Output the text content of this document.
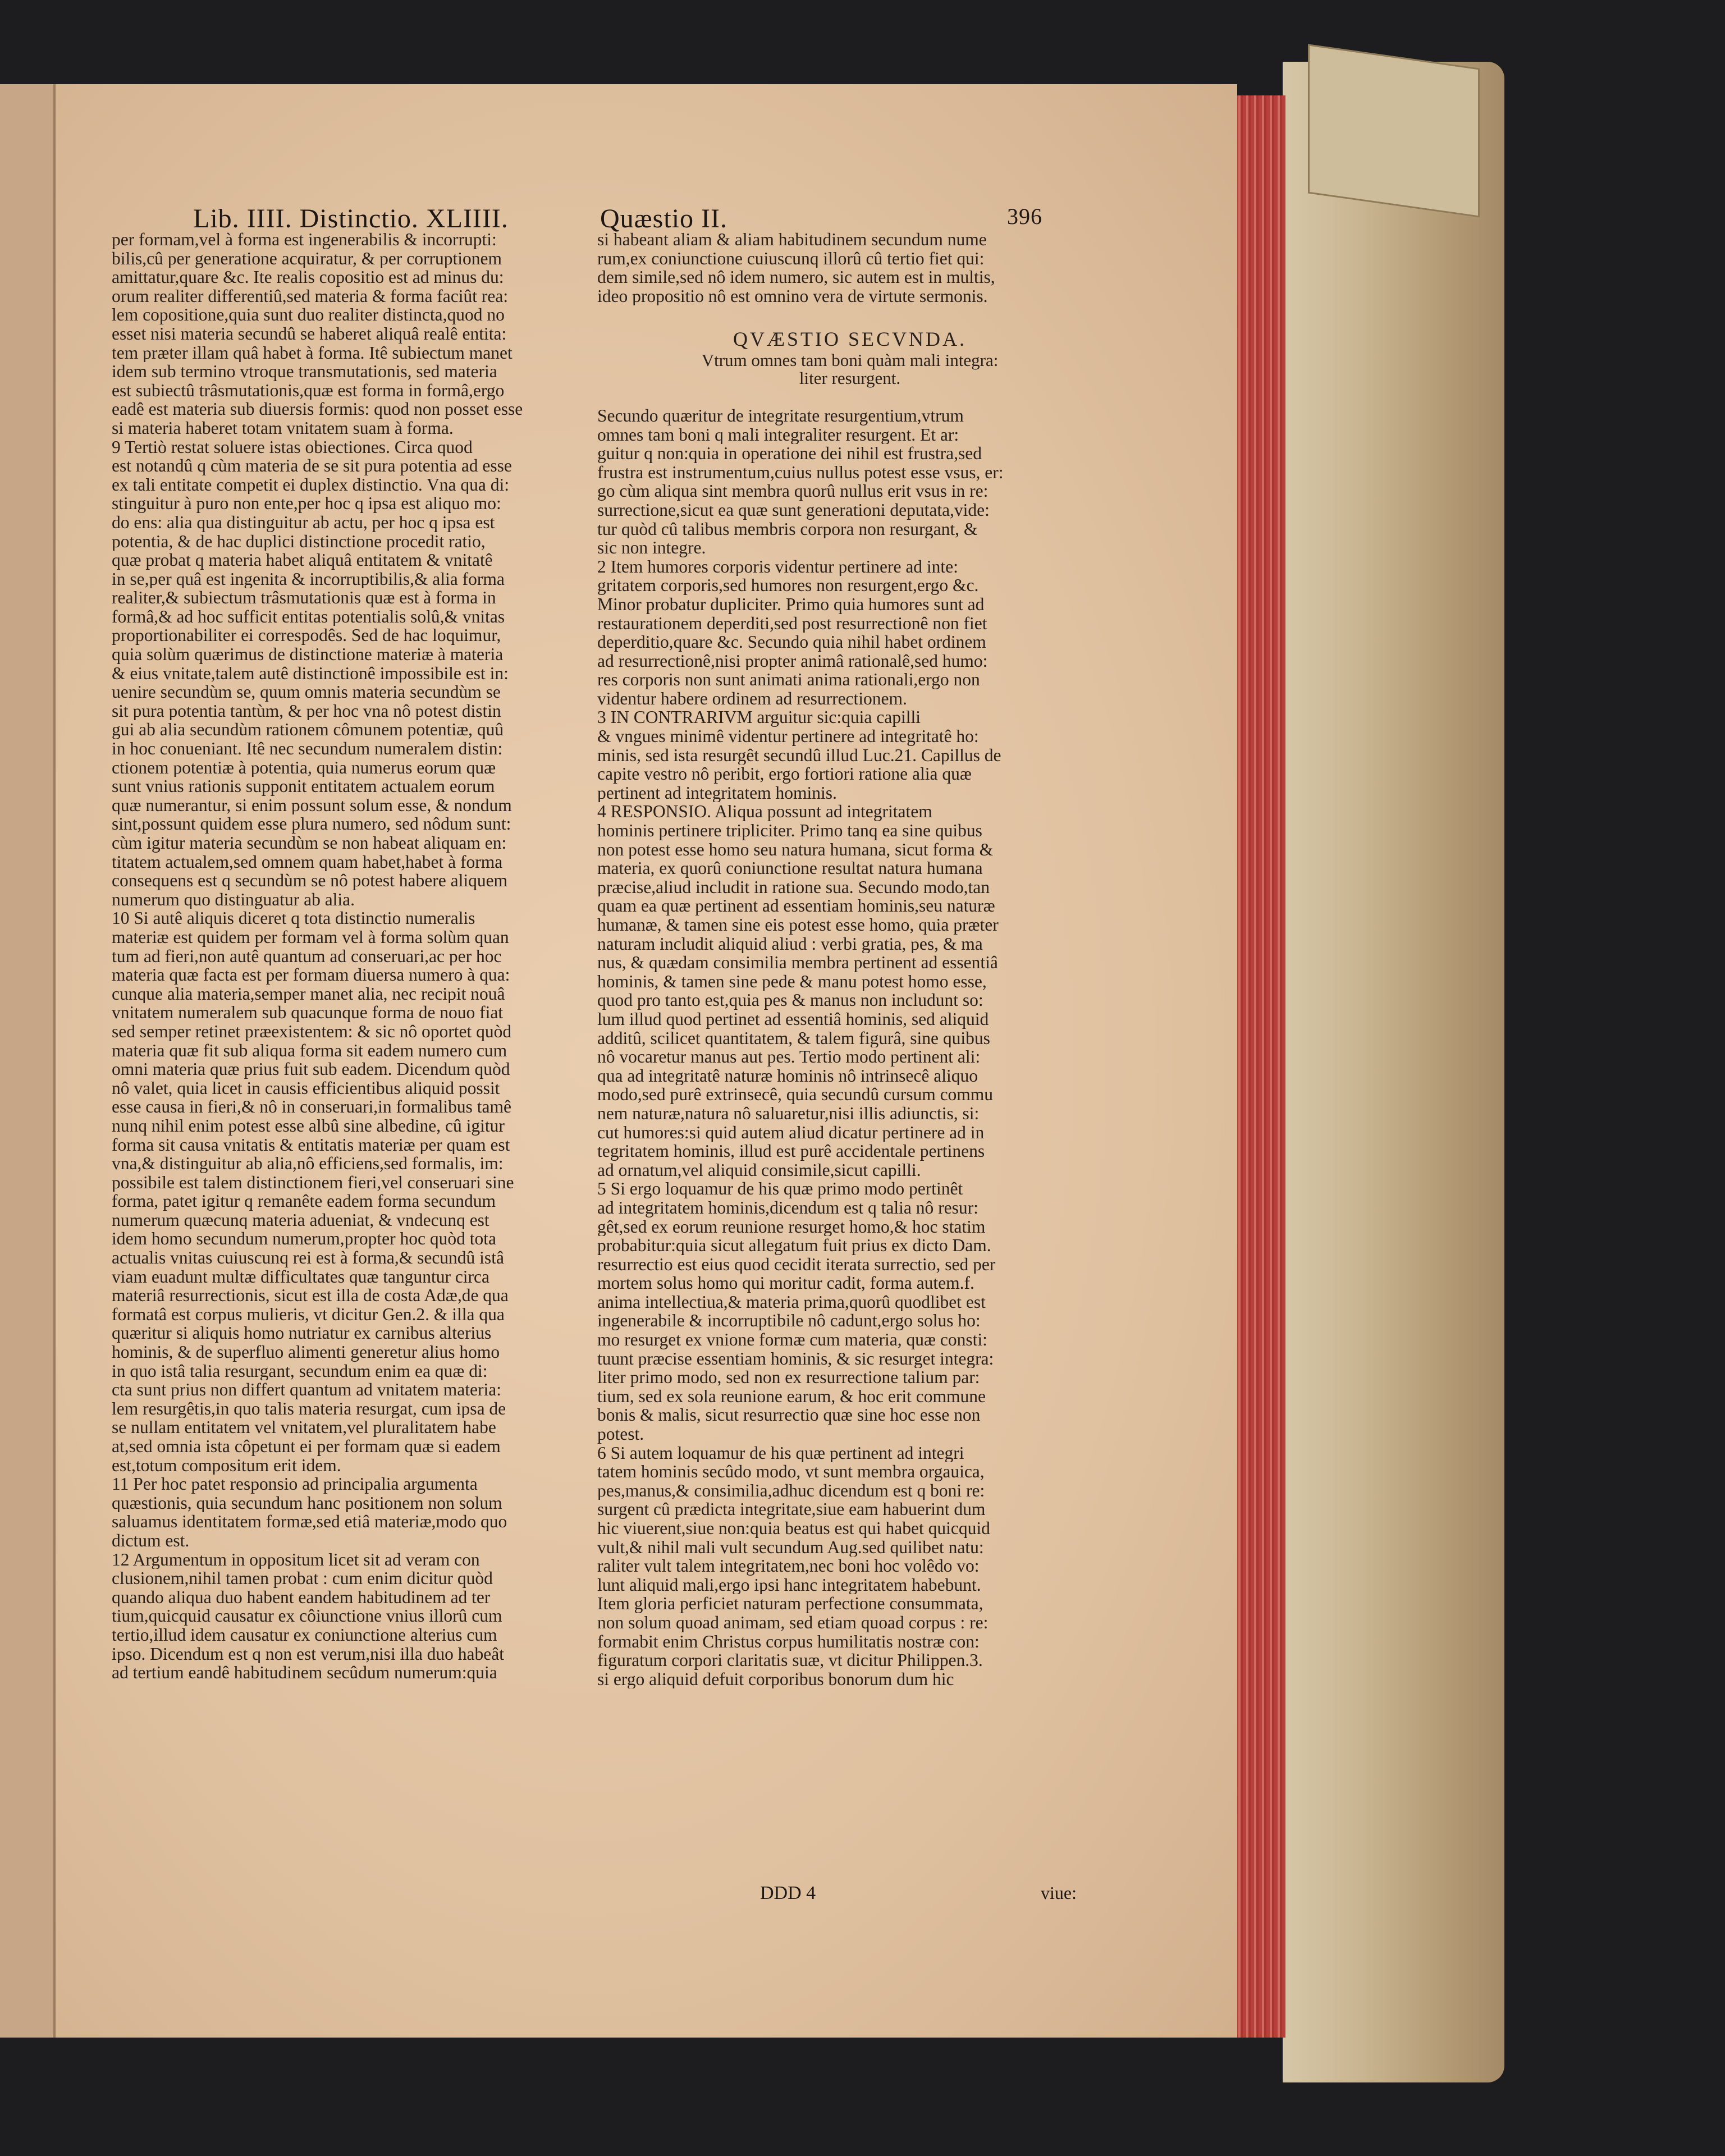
Lib. IIII. Distinctio. XLIIII.	Quæstio II.	396
per formam,vel à forma est ingenerabilis & incorrupti:
bilis,cû per generatione acquiratur, & per corruptionem
amittatur,quare &c. Ite realis copositio est ad minus du:
orum realiter differentiû,sed materia & forma faciût rea:
lem copositione,quia sunt duo realiter distincta,quod no
esset nisi materia secundû se haberet aliquâ realê entita:
tem præter illam quâ habet à forma. Itê subiectum manet
idem sub termino vtroque transmutationis, sed materia
est subiectû trâsmutationis,quæ est forma in formâ,ergo
eadê est materia sub diuersis formis: quod non posset esse
si materia haberet totam vnitatem suam à forma.
9 Tertiò restat soluere istas obiectiones. Circa quod
est notandû q cùm materia de se sit pura potentia ad esse
ex tali entitate competit ei duplex distinctio. Vna qua di:
stinguitur à puro non ente,per hoc q ipsa est aliquo mo:
do ens: alia qua distinguitur ab actu, per hoc q ipsa est
potentia, & de hac duplici distinctione procedit ratio,
quæ probat q materia habet aliquâ entitatem & vnitatê
in se,per quâ est ingenita & incorruptibilis,& alia forma
realiter,& subiectum trâsmutationis quæ est à forma in
formâ,& ad hoc sufficit entitas potentialis solû,& vnitas
proportionabiliter ei correspodês. Sed de hac loquimur,
quia solùm quærimus de distinctione materiæ à materia
& eius vnitate,talem autê distinctionê impossibile est in:
uenire secundùm se, quum omnis materia secundùm se
sit pura potentia tantùm, & per hoc vna nô potest distin
gui ab alia secundùm rationem cômunem potentiæ, quû
in hoc conueniant. Itê nec secundum numeralem distin:
ctionem potentiæ à potentia, quia numerus eorum quæ
sunt vnius rationis supponit entitatem actualem eorum
quæ numerantur, si enim possunt solum esse, & nondum
sint,possunt quidem esse plura numero, sed nôdum sunt:
cùm igitur materia secundùm se non habeat aliquam en:
titatem actualem,sed omnem quam habet,habet à forma
consequens est q secundùm se nô potest habere aliquem
numerum quo distinguatur ab alia.
10 Si autê aliquis diceret q tota distinctio numeralis
materiæ est quidem per formam vel à forma solùm quan
tum ad fieri,non autê quantum ad conseruari,ac per hoc
materia quæ facta est per formam diuersa numero à qua:
cunque alia materia,semper manet alia, nec recipit nouâ
vnitatem numeralem sub quacunque forma de nouo fiat
sed semper retinet præexistentem: & sic nô oportet quòd
materia quæ fit sub aliqua forma sit eadem numero cum
omni materia quæ prius fuit sub eadem. Dicendum quòd
nô valet, quia licet in causis efficientibus aliquid possit
esse causa in fieri,& nô in conseruari,in formalibus tamê
nunq nihil enim potest esse albû sine albedine, cû igitur
forma sit causa vnitatis & entitatis materiæ per quam est
vna,& distinguitur ab alia,nô efficiens,sed formalis, im:
possibile est talem distinctionem fieri,vel conseruari sine
forma, patet igitur q remanête eadem forma secundum
numerum quæcunq materia adueniat, & vndecunq est
idem homo secundum numerum,propter hoc quòd tota
actualis vnitas cuiuscunq rei est à forma,& secundû istâ
viam euadunt multæ difficultates quæ tanguntur circa
materiâ resurrectionis, sicut est illa de costa Adæ,de qua
formatâ est corpus mulieris, vt dicitur Gen.2. & illa qua
quæritur si aliquis homo nutriatur ex carnibus alterius
hominis, & de superfluo alimenti generetur alius homo
in quo istâ talia resurgant, secundum enim ea quæ di:
cta sunt prius non differt quantum ad vnitatem materia:
lem resurgêtis,in quo talis materia resurgat, cum ipsa de
se nullam entitatem vel vnitatem,vel pluralitatem habe
at,sed omnia ista côpetunt ei per formam quæ si eadem
est,totum compositum erit idem.
11 Per hoc patet responsio ad principalia argumenta
quæstionis, quia secundum hanc positionem non solum
saluamus identitatem formæ,sed etiâ materiæ,modo quo
dictum est.
12 Argumentum in oppositum licet sit ad veram con
clusionem,nihil tamen probat : cum enim dicitur quòd
quando aliqua duo habent eandem habitudinem ad ter
tium,quicquid causatur ex côiunctione vnius illorû cum
tertio,illud idem causatur ex coniunctione alterius cum
ipso. Dicendum est q non est verum,nisi illa duo habeât
ad tertium eandê habitudinem secûdum numerum:quia
si habeant aliam & aliam habitudinem secundum nume
rum,ex coniunctione cuiuscunq illorû cû tertio fiet qui:
dem simile,sed nô idem numero, sic autem est in multis,
ideo propositio nô est omnino vera de virtute sermonis.
QVÆSTIO SECVNDA.
Vtrum omnes tam boni quàm mali integra:
liter resurgent.
Secundo quæritur de integritate resurgentium,vtrum
omnes tam boni q mali integraliter resurgent. Et ar:
guitur q non:quia in operatione dei nihil est frustra,sed
frustra est instrumentum,cuius nullus potest esse vsus, er:
go cùm aliqua sint membra quorû nullus erit vsus in re:
surrectione,sicut ea quæ sunt generationi deputata,vide:
tur quòd cû talibus membris corpora non resurgant, &
sic non integre.
2 Item humores corporis videntur pertinere ad inte:
gritatem corporis,sed humores non resurgent,ergo &c.
Minor probatur dupliciter. Primo quia humores sunt ad
restaurationem deperditi,sed post resurrectionê non fiet
deperditio,quare &c. Secundo quia nihil habet ordinem
ad resurrectionê,nisi propter animâ rationalê,sed humo:
res corporis non sunt animati anima rationali,ergo non
videntur habere ordinem ad resurrectionem.
3 IN CONTRARIVM arguitur sic:quia capilli
& vngues minimê videntur pertinere ad integritatê ho:
minis, sed ista resurgêt secundû illud Luc.21. Capillus de
capite vestro nô peribit, ergo fortiori ratione alia quæ
pertinent ad integritatem hominis.
4 RESPONSIO. Aliqua possunt ad integritatem
hominis pertinere tripliciter. Primo tanq ea sine quibus
non potest esse homo seu natura humana, sicut forma &
materia, ex quorû coniunctione resultat natura humana
præcise,aliud includit in ratione sua. Secundo modo,tan
quam ea quæ pertinent ad essentiam hominis,seu naturæ
humanæ, & tamen sine eis potest esse homo, quia præter
naturam includit aliquid aliud : verbi gratia, pes, & ma
nus, & quædam consimilia membra pertinent ad essentiâ
hominis, & tamen sine pede & manu potest homo esse,
quod pro tanto est,quia pes & manus non includunt so:
lum illud quod pertinet ad essentiâ hominis, sed aliquid
additû, scilicet quantitatem, & talem figurâ, sine quibus
nô vocaretur manus aut pes. Tertio modo pertinent ali:
qua ad integritatê naturæ hominis nô intrinsecê aliquo
modo,sed purê extrinsecê, quia secundû cursum commu
nem naturæ,natura nô saluaretur,nisi illis adiunctis, si:
cut humores:si quid autem aliud dicatur pertinere ad in
tegritatem hominis, illud est purê accidentale pertinens
ad ornatum,vel aliquid consimile,sicut capilli.
5 Si ergo loquamur de his quæ primo modo pertinêt
ad integritatem hominis,dicendum est q talia nô resur:
gêt,sed ex eorum reunione resurget homo,& hoc statim
probabitur:quia sicut allegatum fuit prius ex dicto Dam.
resurrectio est eius quod cecidit iterata surrectio, sed per
mortem solus homo qui moritur cadit, forma autem.f.
anima intellectiua,& materia prima,quorû quodlibet est
ingenerabile & incorruptibile nô cadunt,ergo solus ho:
mo resurget ex vnione formæ cum materia, quæ consti:
tuunt præcise essentiam hominis, & sic resurget integra:
liter primo modo, sed non ex resurrectione talium par:
tium, sed ex sola reunione earum, & hoc erit commune
bonis & malis, sicut resurrectio quæ sine hoc esse non
potest.
6 Si autem loquamur de his quæ pertinent ad integri
tatem hominis secûdo modo, vt sunt membra orgauica,
pes,manus,& consimilia,adhuc dicendum est q boni re:
surgent cû prædicta integritate,siue eam habuerint dum
hic viuerent,siue non:quia beatus est qui habet quicquid
vult,& nihil mali vult secundum Aug.sed quilibet natu:
raliter vult talem integritatem,nec boni hoc volêdo vo:
lunt aliquid mali,ergo ipsi hanc integritatem habebunt.
Item gloria perficiet naturam perfectione consummata,
non solum quoad animam, sed etiam quoad corpus : re:
formabit enim Christus corpus humilitatis nostræ con:
figuratum corpori claritatis suæ, vt dicitur Philippen.3.
si ergo aliquid defuit corporibus bonorum dum hic
DDD 4	viue:
